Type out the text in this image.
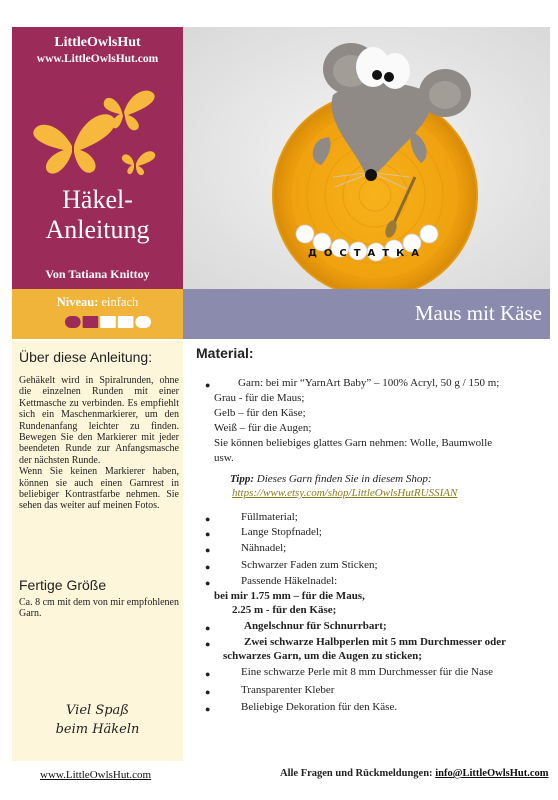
LittleOwlsHut
www.LittleOwlsHut.com
Häkel-
Anleitung
Von Tatiana Knittoy
ДОСТАТКА
Niveau: einfach	Maus mit Käse
Über diese Anleitung:

Gehäkelt wird in Spiralrunden, ohne die einzelnen Runden mit einer Kettmasche zu verbinden. Es empfiehlt sich ein Maschenmarkierer, um den Rundenanfang leichter zu finden. Bewegen Sie den Markierer mit jeder beendeten Runde zur Anfangsmasche der nächsten Runde.

Wenn Sie keinen Markierer haben, können sie auch einen Garnrest in beliebiger Kontrastfarbe nehmen. Sie sehen das weiter auf meinen Fotos.

Fertige Größe
Ca. 8 cm mit dem von mir empfohlenen Garn.
Viel Spaß
beim Häkeln
Material:
●	Garn: bei mir “YarnArt Baby” – 100% Acryl, 50 g / 150 m;
Grau - für die Maus;
Gelb – für den Käse;
Weiß – für die Augen;
Sie können beliebiges glattes Garn nehmen: Wolle, Baumwolle
usw.
Tipp: Dieses Garn finden Sie in diesem Shop:
https://www.etsy.com/shop/LittleOwlsHutRUSSIAN
●	Füllmaterial;
●	Lange Stopfnadel;
●	Nähnadel;
●	Schwarzer Faden zum Sticken;
●	Passende Häkelnadel:
bei mir 1.75 mm – für die Maus,
2.25 m - für den Käse;
●	Angelschnur für Schnurrbart;
●	Zwei schwarze Halbperlen mit 5 mm Durchmesser oder
schwarzes Garn, um die Augen zu sticken;
●	Eine schwarze Perle mit 8 mm Durchmesser für die Nase
●	Transparenter Kleber
●	Beliebige Dekoration für den Käse.
www.LittleOwlsHut.com	Alle Fragen und Rückmeldungen: info@LittleOwlsHut.com
